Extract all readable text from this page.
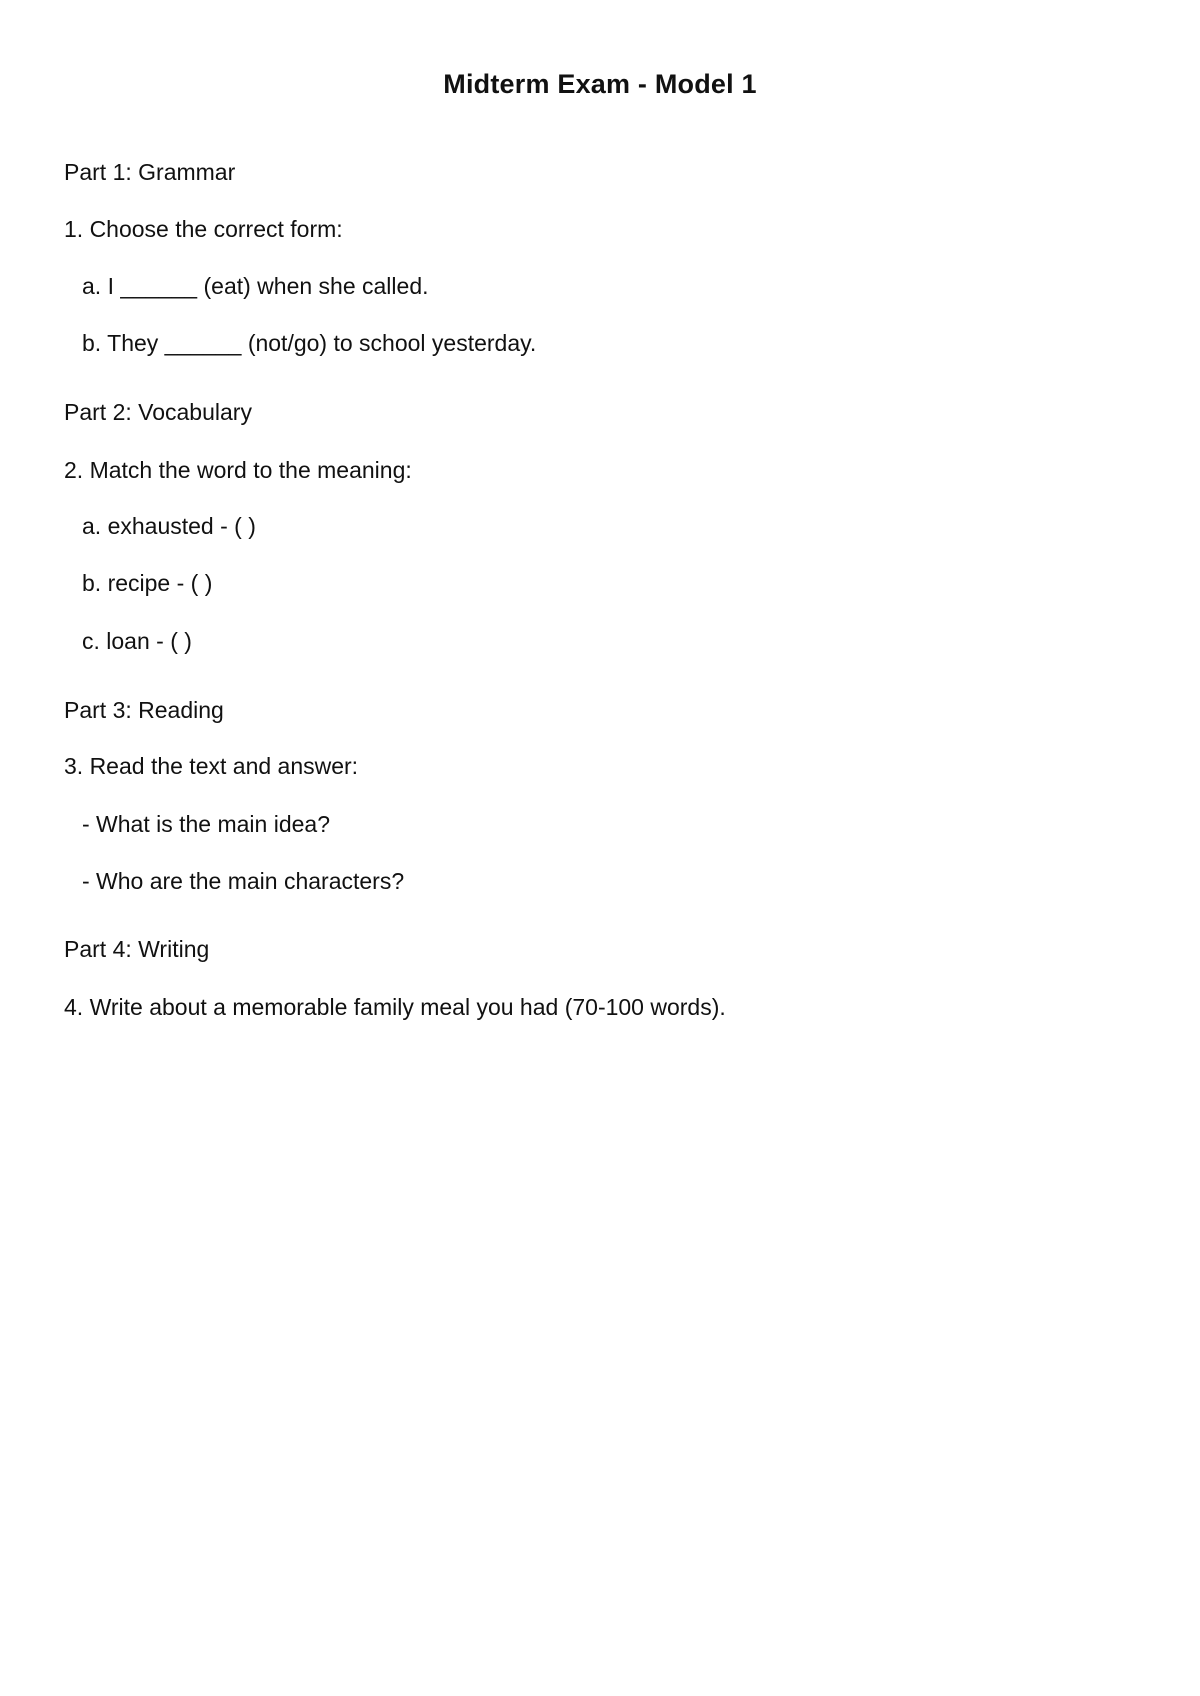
Midterm Exam - Model 1
Part 1: Grammar
1. Choose the correct form:
a. I ______ (eat) when she called.
b. They ______ (not/go) to school yesterday.
Part 2: Vocabulary
2. Match the word to the meaning:
a. exhausted - ( )
b. recipe - ( )
c. loan - ( )
Part 3: Reading
3. Read the text and answer:
- What is the main idea?
- Who are the main characters?
Part 4: Writing
4. Write about a memorable family meal you had (70-100 words).
